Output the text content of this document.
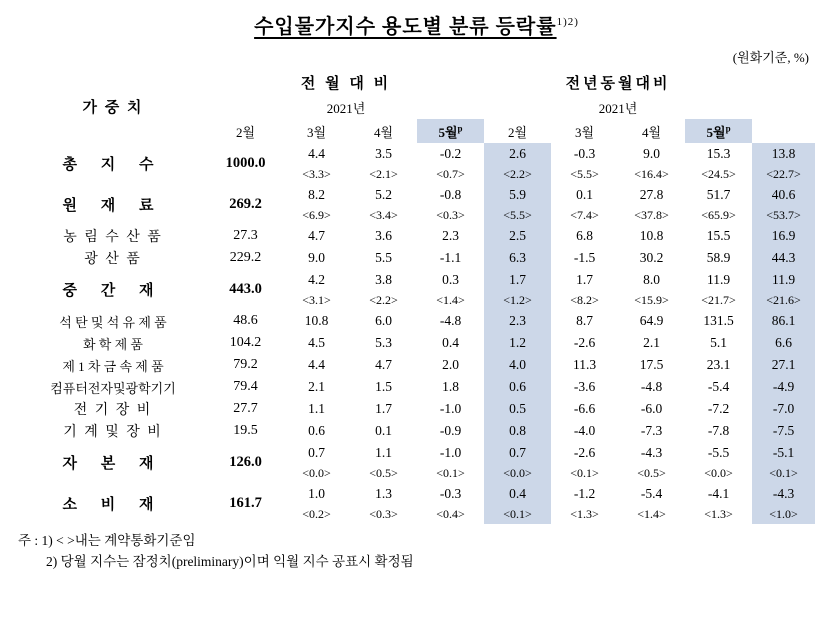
수입물가지수 용도별 분류 등락률$^{1)2)}$
(원화기준, %)
가 중 치	전 월 대 비				전년동월대비				
	2021년				2021년				
	2월	3월	4월	5월$^p$	2월	3월	4월	5월$^p$
총 지 수	1000.0	4.4	3.5	-0.2	2.6	-0.3	9.0	15.3	13.8
		<3.3>	<2.1>	<0.7>	<2.2>	<5.5>	<16.4>	<24.5>	<22.7>
원 재 료	269.2	8.2	5.2	-0.8	5.9	0.1	27.8	51.7	40.6
		<6.9>	<3.4>	<0.3>	<5.5>	<7.4>	<37.8>	<65.9>	<53.7>
농 림 수 산 품	27.3	4.7	3.6	2.3	2.5	6.8	10.8	15.5	16.9
광 산 품	229.2	9.0	5.5	-1.1	6.3	-1.5	30.2	58.9	44.3
중 간 재	443.0	4.2	3.8	0.3	1.7	1.7	8.0	11.9	11.9
		<3.1>	<2.2>	<1.4>	<1.2>	<8.2>	<15.9>	<21.7>	<21.6>
석 탄 및 석 유 제 품	48.6	10.8	6.0	-4.8	2.3	8.7	64.9	131.5	86.1
화 학 제 품	104.2	4.5	5.3	0.4	1.2	-2.6	2.1	5.1	6.6
제 1 차 금 속 제 품	79.2	4.4	4.7	2.0	4.0	11.3	17.5	23.1	27.1
컴퓨터전자및광학기기	79.4	2.1	1.5	1.8	0.6	-3.6	-4.8	-5.4	-4.9
전 기 장 비	27.7	1.1	1.7	-1.0	0.5	-6.6	-6.0	-7.2	-7.0
기 계 및 장 비	19.5	0.6	0.1	-0.9	0.8	-4.0	-7.3	-7.8	-7.5
자 본 재	126.0	0.7	1.1	-1.0	0.7	-2.6	-4.3	-5.5	-5.1
		<0.0>	<0.5>	<0.1>	<0.0>	<0.1>	<0.5>	<0.0>	<0.1>
소 비 재	161.7	1.0	1.3	-0.3	0.4	-1.2	-5.4	-4.1	-4.3
		<0.2>	<0.3>	<0.4>	<0.1>	<1.3>	<1.4>	<1.3>	<1.0>
주 : 1) < >내는 계약통화기준임
2) 당월 지수는 잠정치(preliminary)이며 익월 지수 공표시 확정됨
